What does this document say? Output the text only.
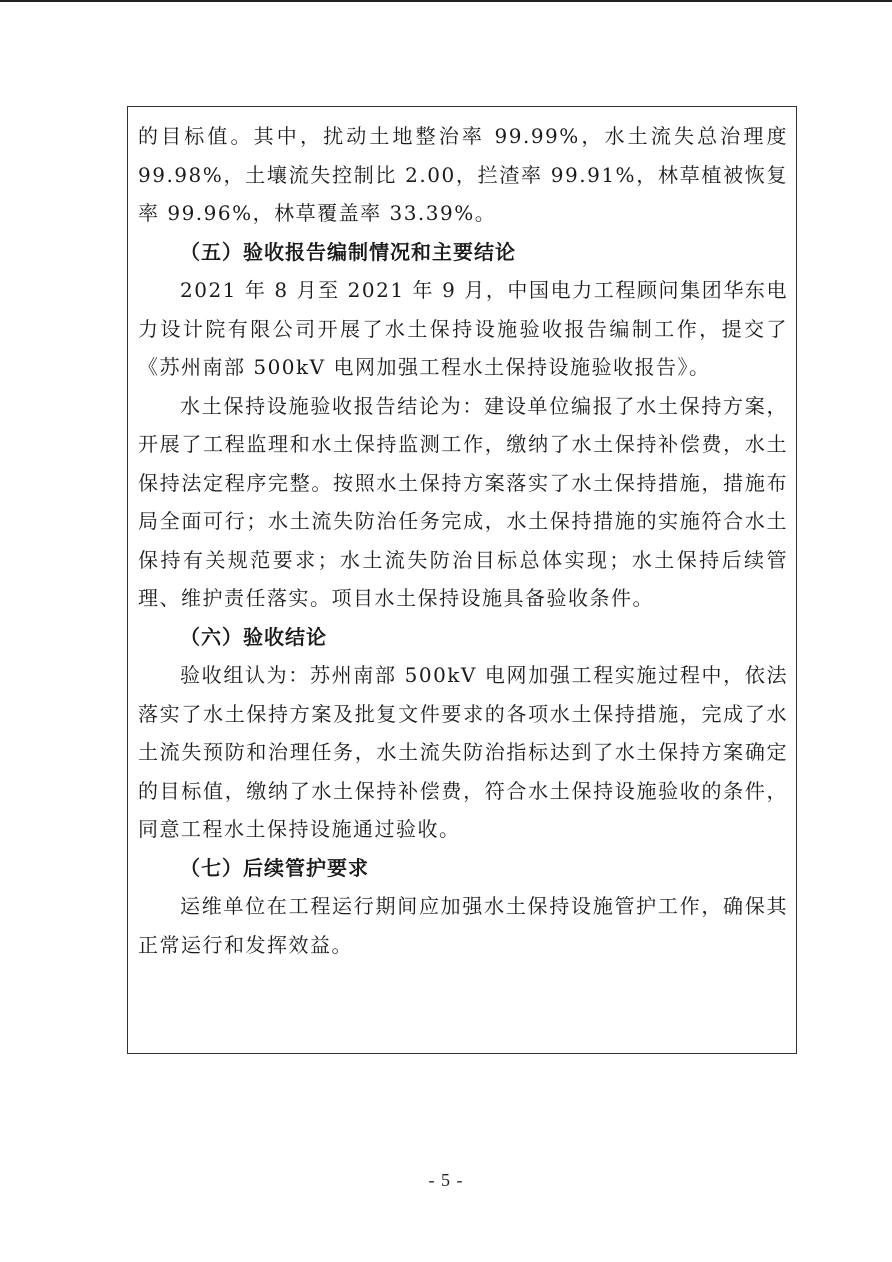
的目标值。其中，扰动土地整治率 99.99%，水土流失总治理度 99.98%，土壤流失控制比 2.00，拦渣率 99.91%，林草植被恢复率 99.96%，林草覆盖率 33.39%。

（五）验收报告编制情况和主要结论

2021 年 8 月至 2021 年 9 月，中国电力工程顾问集团华东电力设计院有限公司开展了水土保持设施验收报告编制工作，提交了《苏州南部 500kV 电网加强工程水土保持设施验收报告》。

水土保持设施验收报告结论为：建设单位编报了水土保持方案，开展了工程监理和水土保持监测工作，缴纳了水土保持补偿费，水土保持法定程序完整。按照水土保持方案落实了水土保持措施，措施布局全面可行；水土流失防治任务完成，水土保持措施的实施符合水土保持有关规范要求；水土流失防治目标总体实现；水土保持后续管理、维护责任落实。项目水土保持设施具备验收条件。

（六）验收结论

验收组认为：苏州南部 500kV 电网加强工程实施过程中，依法落实了水土保持方案及批复文件要求的各项水土保持措施，完成了水土流失预防和治理任务，水土流失防治指标达到了水土保持方案确定的目标值，缴纳了水土保持补偿费，符合水土保持设施验收的条件，同意工程水土保持设施通过验收。

（七）后续管护要求

运维单位在工程运行期间应加强水土保持设施管护工作，确保其正常运行和发挥效益。

- 5 -
